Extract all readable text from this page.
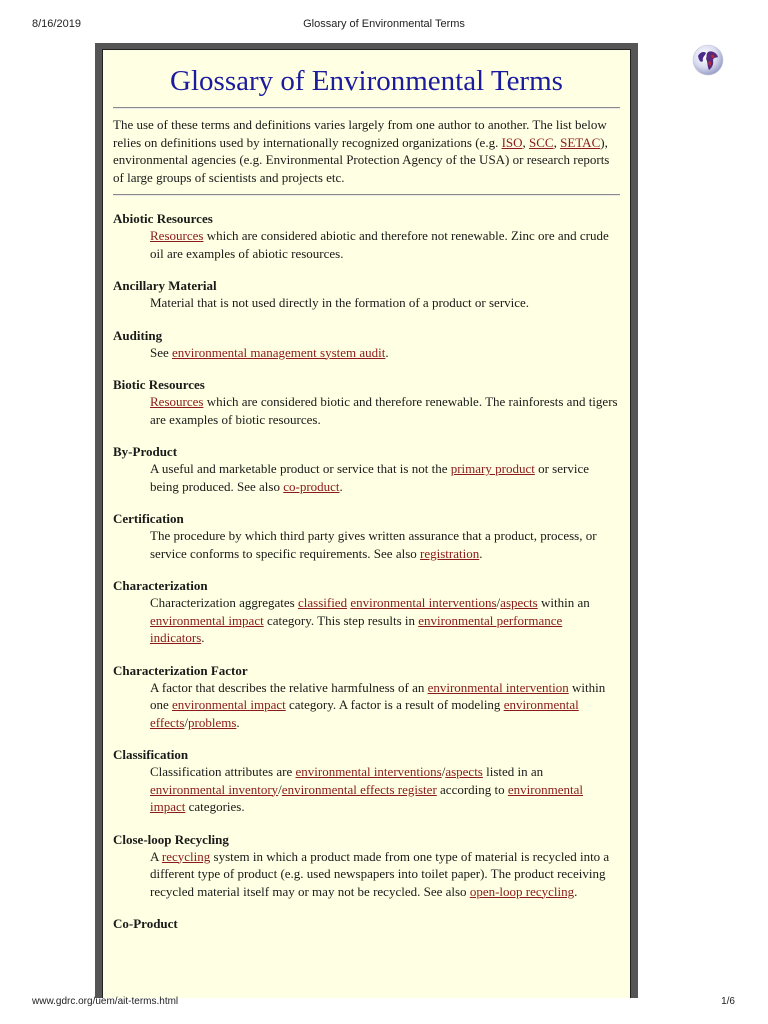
8/16/2019	Glossary of Environmental Terms
Glossary of Environmental Terms

The use of these terms and definitions varies largely from one author to another. The list below relies on definitions used by internationally recognized organizations (e.g. ISO, SCC, SETAC), environmental agencies (e.g. Environmental Protection Agency of the USA) or research reports of large groups of scientists and projects etc.

Abiotic Resources

Resources which are considered abiotic and therefore not renewable. Zinc ore and crude oil are examples of abiotic resources.

Ancillary Material

Material that is not used directly in the formation of a product or service.

Auditing

See environmental management system audit.

Biotic Resources

Resources which are considered biotic and therefore renewable. The rainforests and tigers are examples of biotic resources.

By-Product

A useful and marketable product or service that is not the primary product or service being produced. See also co-product.

Certification

The procedure by which third party gives written assurance that a product, process, or service conforms to specific requirements. See also registration.

Characterization

Characterization aggregates classified environmental interventions/aspects within an environmental impact category. This step results in environmental performance indicators.

Characterization Factor

A factor that describes the relative harmfulness of an environmental intervention within one environmental impact category. A factor is a result of modeling environmental effects/problems.

Classification

Classification attributes are environmental interventions/aspects listed in an environmental inventory/environmental effects register according to environmental impact categories.

Close-loop Recycling

A recycling system in which a product made from one type of material is recycled into a different type of product (e.g. used newspapers into toilet paper). The product receiving recycled material itself may or may not be recycled. See also open-loop recycling.

Co-Product

www.gdrc.org/uem/ait-terms.html	1/6
